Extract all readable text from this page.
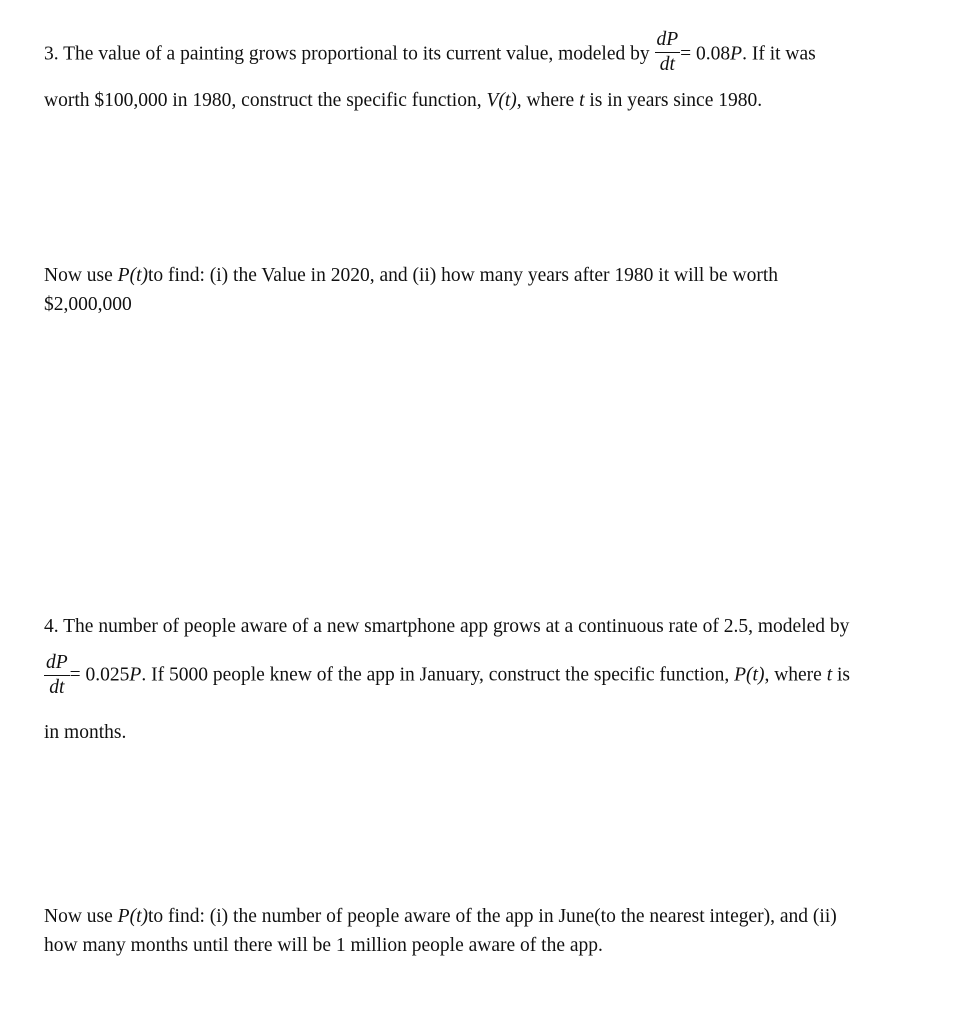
3. The value of a painting grows proportional to its current value, modeled by $\frac{dP}{dt} = 0.08P$. If it was
worth $100,000 in 1980, construct the specific function, V(t), where t is in years since 1980.
Now use P(t)to find: (i) the Value in 2020, and (ii) how many years after 1980 it will be worth
$2,000,000
4. The number of people aware of a new smartphone app grows at a continuous rate of 2.5, modeled by
$\frac{dP}{dt} = 0.025P$. If 5000 people knew of the app in January, construct the specific function, P(t), where t is
in months.
Now use P(t)to find: (i) the number of people aware of the app in June(to the nearest integer), and (ii)
how many months until there will be 1 million people aware of the app.
